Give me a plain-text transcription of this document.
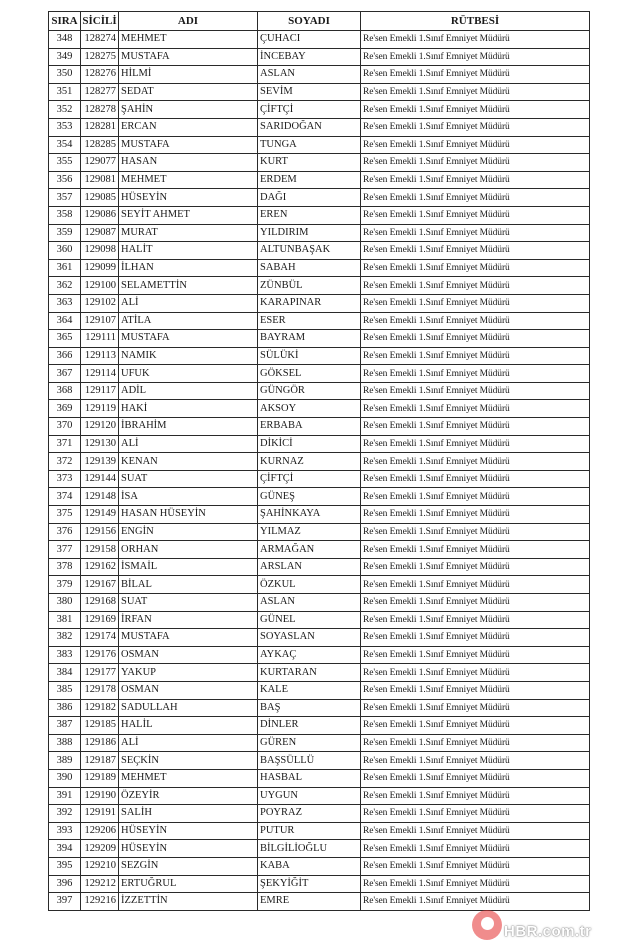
SIRA	SİCİLİ	ADI	SOYADI	RÜTBESİ
348	128274	MEHMET	ÇUHACI	Re'sen Emekli 1.Sınıf Emniyet Müdürü
349	128275	MUSTAFA	İNCEBAY	Re'sen Emekli 1.Sınıf Emniyet Müdürü
350	128276	HİLMİ	ASLAN	Re'sen Emekli 1.Sınıf Emniyet Müdürü
351	128277	SEDAT	SEVİM	Re'sen Emekli 1.Sınıf Emniyet Müdürü
352	128278	ŞAHİN	ÇİFTÇİ	Re'sen Emekli 1.Sınıf Emniyet Müdürü
353	128281	ERCAN	SARIDOĞAN	Re'sen Emekli 1.Sınıf Emniyet Müdürü
354	128285	MUSTAFA	TUNGA	Re'sen Emekli 1.Sınıf Emniyet Müdürü
355	129077	HASAN	KURT	Re'sen Emekli 1.Sınıf Emniyet Müdürü
356	129081	MEHMET	ERDEM	Re'sen Emekli 1.Sınıf Emniyet Müdürü
357	129085	HÜSEYİN	DAĞI	Re'sen Emekli 1.Sınıf Emniyet Müdürü
358	129086	SEYİT AHMET	EREN	Re'sen Emekli 1.Sınıf Emniyet Müdürü
359	129087	MURAT	YILDIRIM	Re'sen Emekli 1.Sınıf Emniyet Müdürü
360	129098	HALİT	ALTUNBAŞAK	Re'sen Emekli 1.Sınıf Emniyet Müdürü
361	129099	İLHAN	SABAH	Re'sen Emekli 1.Sınıf Emniyet Müdürü
362	129100	SELAMETTİN	ZÜNBÜL	Re'sen Emekli 1.Sınıf Emniyet Müdürü
363	129102	ALİ	KARAPINAR	Re'sen Emekli 1.Sınıf Emniyet Müdürü
364	129107	ATİLA	ESER	Re'sen Emekli 1.Sınıf Emniyet Müdürü
365	129111	MUSTAFA	BAYRAM	Re'sen Emekli 1.Sınıf Emniyet Müdürü
366	129113	NAMIK	SÜLÜKİ	Re'sen Emekli 1.Sınıf Emniyet Müdürü
367	129114	UFUK	GÖKSEL	Re'sen Emekli 1.Sınıf Emniyet Müdürü
368	129117	ADİL	GÜNGÖR	Re'sen Emekli 1.Sınıf Emniyet Müdürü
369	129119	HAKİ	AKSOY	Re'sen Emekli 1.Sınıf Emniyet Müdürü
370	129120	İBRAHİM	ERBABA	Re'sen Emekli 1.Sınıf Emniyet Müdürü
371	129130	ALİ	DİKİCİ	Re'sen Emekli 1.Sınıf Emniyet Müdürü
372	129139	KENAN	KURNAZ	Re'sen Emekli 1.Sınıf Emniyet Müdürü
373	129144	SUAT	ÇİFTÇİ	Re'sen Emekli 1.Sınıf Emniyet Müdürü
374	129148	İSA	GÜNEŞ	Re'sen Emekli 1.Sınıf Emniyet Müdürü
375	129149	HASAN HÜSEYİN	ŞAHİNKAYA	Re'sen Emekli 1.Sınıf Emniyet Müdürü
376	129156	ENGİN	YILMAZ	Re'sen Emekli 1.Sınıf Emniyet Müdürü
377	129158	ORHAN	ARMAĞAN	Re'sen Emekli 1.Sınıf Emniyet Müdürü
378	129162	İSMAİL	ARSLAN	Re'sen Emekli 1.Sınıf Emniyet Müdürü
379	129167	BİLAL	ÖZKUL	Re'sen Emekli 1.Sınıf Emniyet Müdürü
380	129168	SUAT	ASLAN	Re'sen Emekli 1.Sınıf Emniyet Müdürü
381	129169	İRFAN	GÜNEL	Re'sen Emekli 1.Sınıf Emniyet Müdürü
382	129174	MUSTAFA	SOYASLAN	Re'sen Emekli 1.Sınıf Emniyet Müdürü
383	129176	OSMAN	AYKAÇ	Re'sen Emekli 1.Sınıf Emniyet Müdürü
384	129177	YAKUP	KURTARAN	Re'sen Emekli 1.Sınıf Emniyet Müdürü
385	129178	OSMAN	KALE	Re'sen Emekli 1.Sınıf Emniyet Müdürü
386	129182	SADULLAH	BAŞ	Re'sen Emekli 1.Sınıf Emniyet Müdürü
387	129185	HALİL	DİNLER	Re'sen Emekli 1.Sınıf Emniyet Müdürü
388	129186	ALİ	GÜREN	Re'sen Emekli 1.Sınıf Emniyet Müdürü
389	129187	SEÇKİN	BAŞSÜLLÜ	Re'sen Emekli 1.Sınıf Emniyet Müdürü
390	129189	MEHMET	HASBAL	Re'sen Emekli 1.Sınıf Emniyet Müdürü
391	129190	ÖZEYİR	UYGUN	Re'sen Emekli 1.Sınıf Emniyet Müdürü
392	129191	SALİH	POYRAZ	Re'sen Emekli 1.Sınıf Emniyet Müdürü
393	129206	HÜSEYİN	PUTUR	Re'sen Emekli 1.Sınıf Emniyet Müdürü
394	129209	HÜSEYİN	BİLGİLİOĞLU	Re'sen Emekli 1.Sınıf Emniyet Müdürü
395	129210	SEZGİN	KABA	Re'sen Emekli 1.Sınıf Emniyet Müdürü
396	129212	ERTUĞRUL	ŞEKYİĞİT	Re'sen Emekli 1.Sınıf Emniyet Müdürü
397	129216	İZZETTİN	EMRE	Re'sen Emekli 1.Sınıf Emniyet Müdürü
HBR.com.tr
